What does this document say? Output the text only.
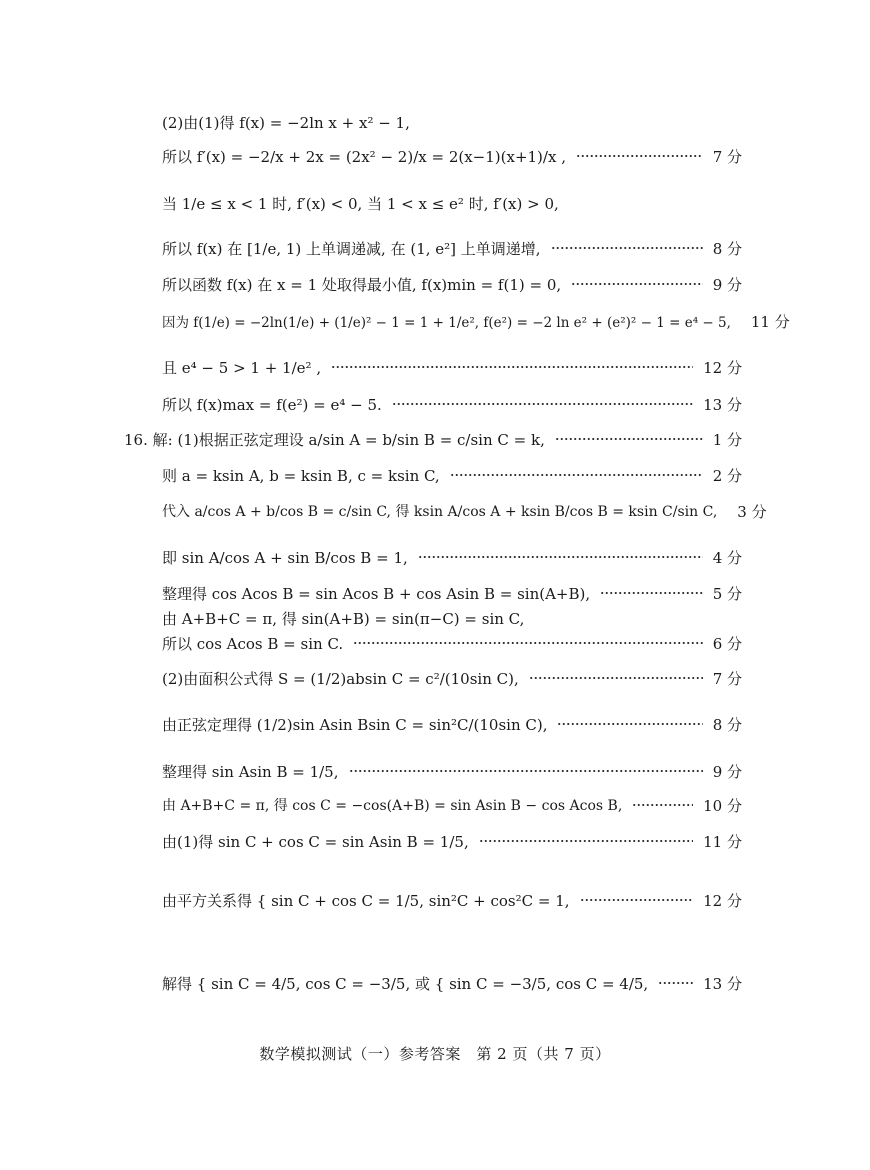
(2)由(1)得 f(x) = −2ln x + x² − 1,
所以 f′(x) = −2/x + 2x = (2x² − 2)/x = 2(x−1)(x+1)/x ,	7 分
当 1/e ≤ x < 1 时, f′(x) < 0, 当 1 < x ≤ e² 时, f′(x) > 0,
所以 f(x) 在 [1/e, 1) 上单调递减, 在 (1, e²] 上单调递增,	8 分
所以函数 f(x) 在 x = 1 处取得最小值, f(x)min = f(1) = 0,	9 分
因为 f(1/e) = −2ln(1/e) + (1/e)² − 1 = 1 + 1/e², f(e²) = −2 ln e² + (e²)² − 1 = e⁴ − 5, 11 分
且 e⁴ − 5 > 1 + 1/e² ,	12 分
所以 f(x)max = f(e²) = e⁴ − 5.	13 分
16. 解: (1)根据正弦定理设 a/sin A = b/sin B = c/sin C = k,	1 分
则 a = ksin A, b = ksin B, c = ksin C,	2 分
代入 a/cos A + b/cos B = c/sin C, 得 ksin A/cos A + ksin B/cos B = ksin C/sin C, 3 分
即 sin A/cos A + sin B/cos B = 1,	4 分
整理得 cos Acos B = sin Acos B + cos Asin B = sin(A+B),	5 分
由 A+B+C = π, 得 sin(A+B) = sin(π−C) = sin C,
所以 cos Acos B = sin C.	6 分
(2)由面积公式得 S = (1/2)absin C = c²/(10sin C),	7 分
由正弦定理得 (1/2)sin Asin Bsin C = sin²C/(10sin C),	8 分
整理得 sin Asin B = 1/5,	9 分
由 A+B+C = π, 得 cos C = −cos(A+B) = sin Asin B − cos Acos B,	10 分
由(1)得 sin C + cos C = sin Asin B = 1/5,	11 分
由平方关系得 { sin C + cos C = 1/5, sin²C + cos²C = 1,	12 分
解得 { sin C = 4/5, cos C = −3/5, 或 { sin C = −3/5, cos C = 4/5,	13 分
数学模拟测试（一）参考答案　第 2 页（共 7 页）
